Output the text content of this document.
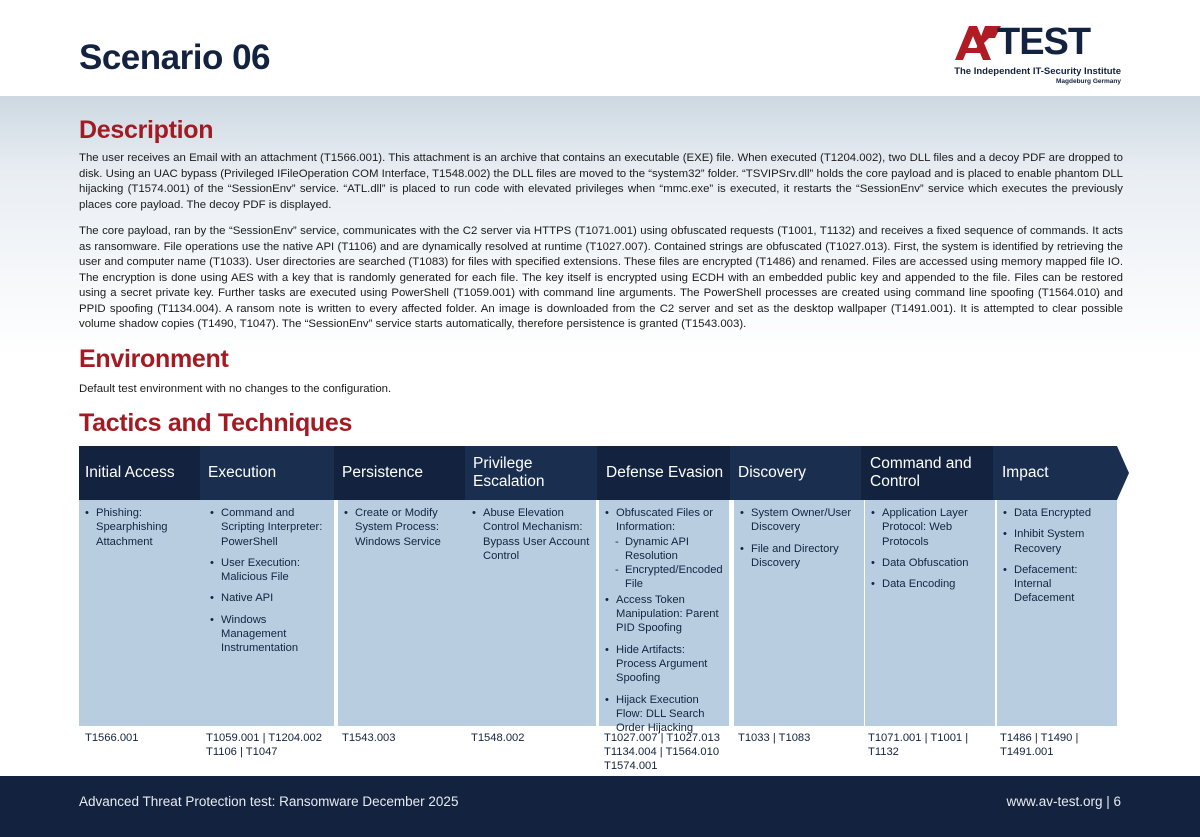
Scenario 06	TEST
The Independent IT-Security Institute
Magdeburg Germany
Description

The user receives an Email with an attachment (T1566.001). This attachment is an archive that contains an executable (EXE) file. When executed (T1204.002), two DLL files and a decoy PDF are dropped to disk. Using an UAC bypass (Privileged IFileOperation COM Interface, T1548.002) the DLL files are moved to the “system32” folder. “TSVIPSrv.dll” holds the core payload and is placed to enable phantom DLL hijacking (T1574.001) of the “SessionEnv” service. “ATL.dll” is placed to run code with elevated privileges when “mmc.exe” is executed, it restarts the “SessionEnv” service which executes the previously places core payload. The decoy PDF is displayed.

The core payload, ran by the “SessionEnv” service, communicates with the C2 server via HTTPS (T1071.001) using obfuscated requests (T1001, T1132) and receives a fixed sequence of commands. It acts as ransomware. File operations use the native API (T1106) and are dynamically resolved at runtime (T1027.007). Contained strings are obfuscated (T1027.013). First, the system is identified by retrieving the user and computer name (T1033). User directories are searched (T1083) for files with specified extensions. These files are encrypted (T1486) and renamed. Files are accessed using memory mapped file IO. The encryption is done using AES with a key that is randomly generated for each file. The key itself is encrypted using ECDH with an embedded public key and appended to the file. Files can be restored using a secret private key. Further tasks are executed using PowerShell (T1059.001) with command line arguments. The PowerShell processes are created using command line spoofing (T1564.010) and PPID spoofing (T1134.004). A ransom note is written to every affected folder. An image is downloaded from the C2 server and set as the desktop wallpaper (T1491.001). It is attempted to clear possible volume shadow copies (T1490, T1047). The “SessionEnv” service starts automatically, therefore persistence is granted (T1543.003).

Environment

Default test environment with no changes to the configuration.

Tactics and Techniques
Initial Access
• Phishing: Spearphishing Attachment
T1566.001
Execution
• Command and Scripting Interpreter: PowerShell
• User Execution: Malicious File
• Native API
• Windows Management Instrumentation
T1059.001 | T1204.002 T1106 | T1047
Persistence
• Create or Modify System Process: Windows Service
T1543.003
Privilege Escalation
• Abuse Elevation Control Mechanism: Bypass User Account Control
T1548.002
Defense Evasion
• Obfuscated Files or Information:
- Dynamic API Resolution
- Encrypted/Encoded File
• Access Token Manipulation: Parent PID Spoofing
• Hide Artifacts: Process Argument Spoofing
• Hijack Execution Flow: DLL Search Order Hijacking
T1027.007 | T1027.013 T1134.004 | T1564.010 T1574.001
Discovery
• System Owner/User Discovery
• File and Directory Discovery
T1033 | T1083
Command and Control
• Application Layer Protocol: Web Protocols
• Data Obfuscation
• Data Encoding
T1071.001 | T1001 | T1132
Impact
• Data Encrypted
• Inhibit System Recovery
• Defacement: Internal Defacement
T1486 | T1490 | T1491.001
Advanced Threat Protection test: Ransomware December 2025	www.av-test.org | 6
